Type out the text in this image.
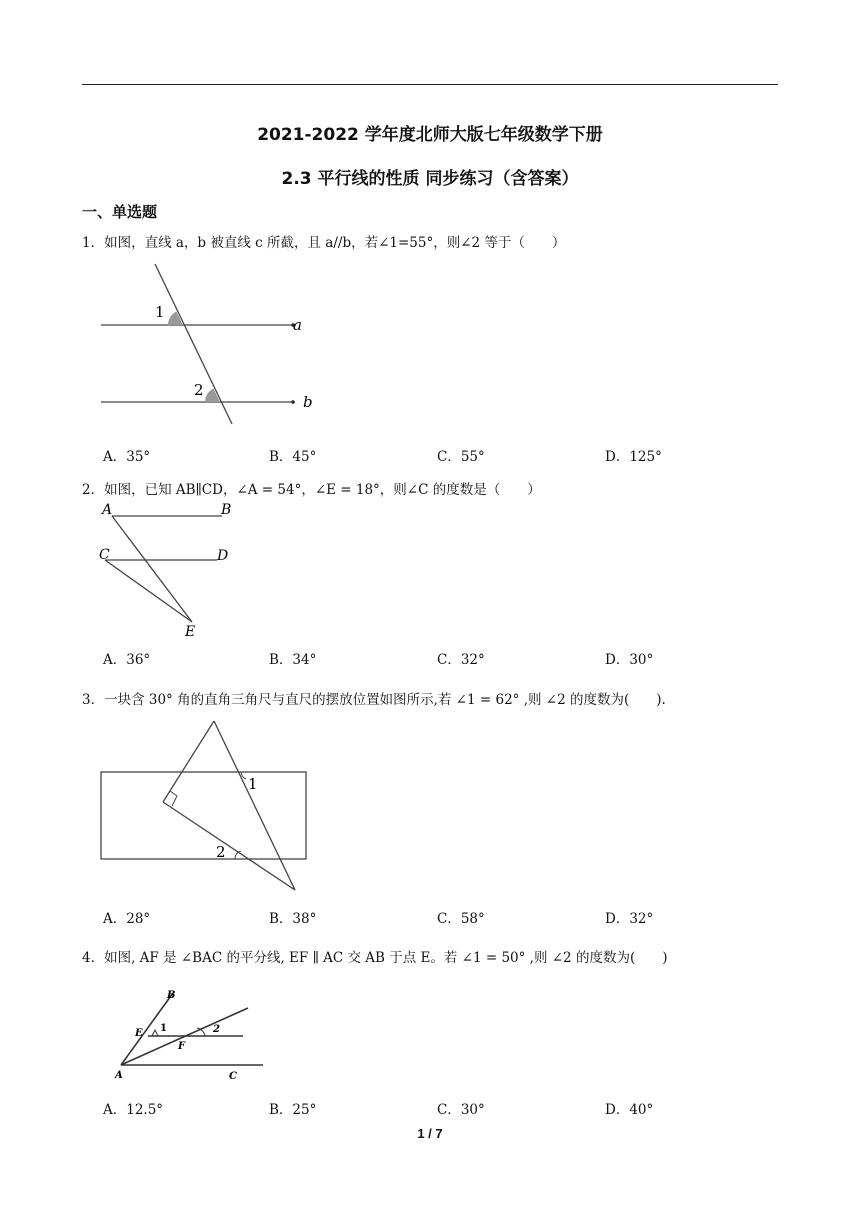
2021-2022 学年度北师大版七年级数学下册
2.3 平行线的性质 同步练习（含答案）
一、单选题
1．如图，直线 a，b 被直线 c 所截，且 a//b，若∠1=55°，则∠2 等于（　　）
1
2
a
b
A．35°	B．45°	C．55°	D．125°
2．如图，已知 AB∥CD，∠A = 54°，∠E = 18°，则∠C 的度数是（　　）
A	B
C	D
E
A．36°	B．34°	C．32°	D．30°
3．一块含 30° 角的直角三角尺与直尺的摆放位置如图所示,若 ∠1 = 62° ,则 ∠2 的度数为(　　).
1
2
A．28°	B．38°	C．58°	D．32°
4．如图, AF 是 ∠BAC 的平分线, EF ∥ AC 交 AB 于点 E。若 ∠1 = 50° ,则 ∠2 的度数为(　　)
B
E 1	2
F
A	C
A．12.5°	B．25°	C．30°	D．40°
1 / 7
